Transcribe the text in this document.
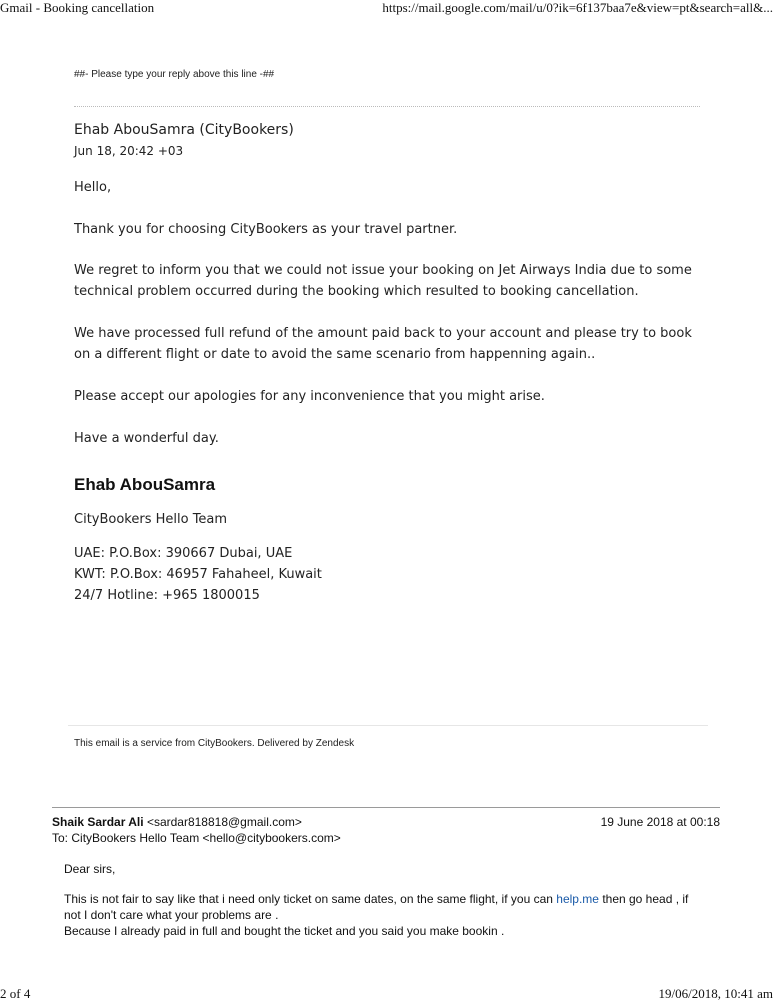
Gmail - Booking cancellation	https://mail.google.com/mail/u/0?ik=6f137baa7e&view=pt&search=all&...
##- Please type your reply above this line -##
Ehab AbouSamra (CityBookers)
Jun 18, 20:42 +03
Hello,
Thank you for choosing CityBookers as your travel partner.
We regret to inform you that we could not issue your booking on Jet Airways India due to some
technical problem occurred during the booking which resulted to booking cancellation.
We have processed full refund of the amount paid back to your account and please try to book
on a different flight or date to avoid the same scenario from happenning again..
Please accept our apologies for any inconvenience that you might arise.
Have a wonderful day.
Ehab AbouSamra
CityBookers Hello Team
UAE: P.O.Box: 390667 Dubai, UAE
KWT: P.O.Box: 46957 Fahaheel, Kuwait
24/7 Hotline: +965 1800015
This email is a service from CityBookers. Delivered by Zendesk
Shaik Sardar Ali <sardar818818@gmail.com>	19 June 2018 at 00:18
To: CityBookers Hello Team <hello@citybookers.com>
Dear sirs,
This is not fair to say like that i need only ticket on same dates, on the same flight, if you can help.me then go head , if
not I don't care what your problems are .
Because I already paid in full and bought the ticket and you said you make bookin .
2 of 4	19/06/2018, 10:41 am
